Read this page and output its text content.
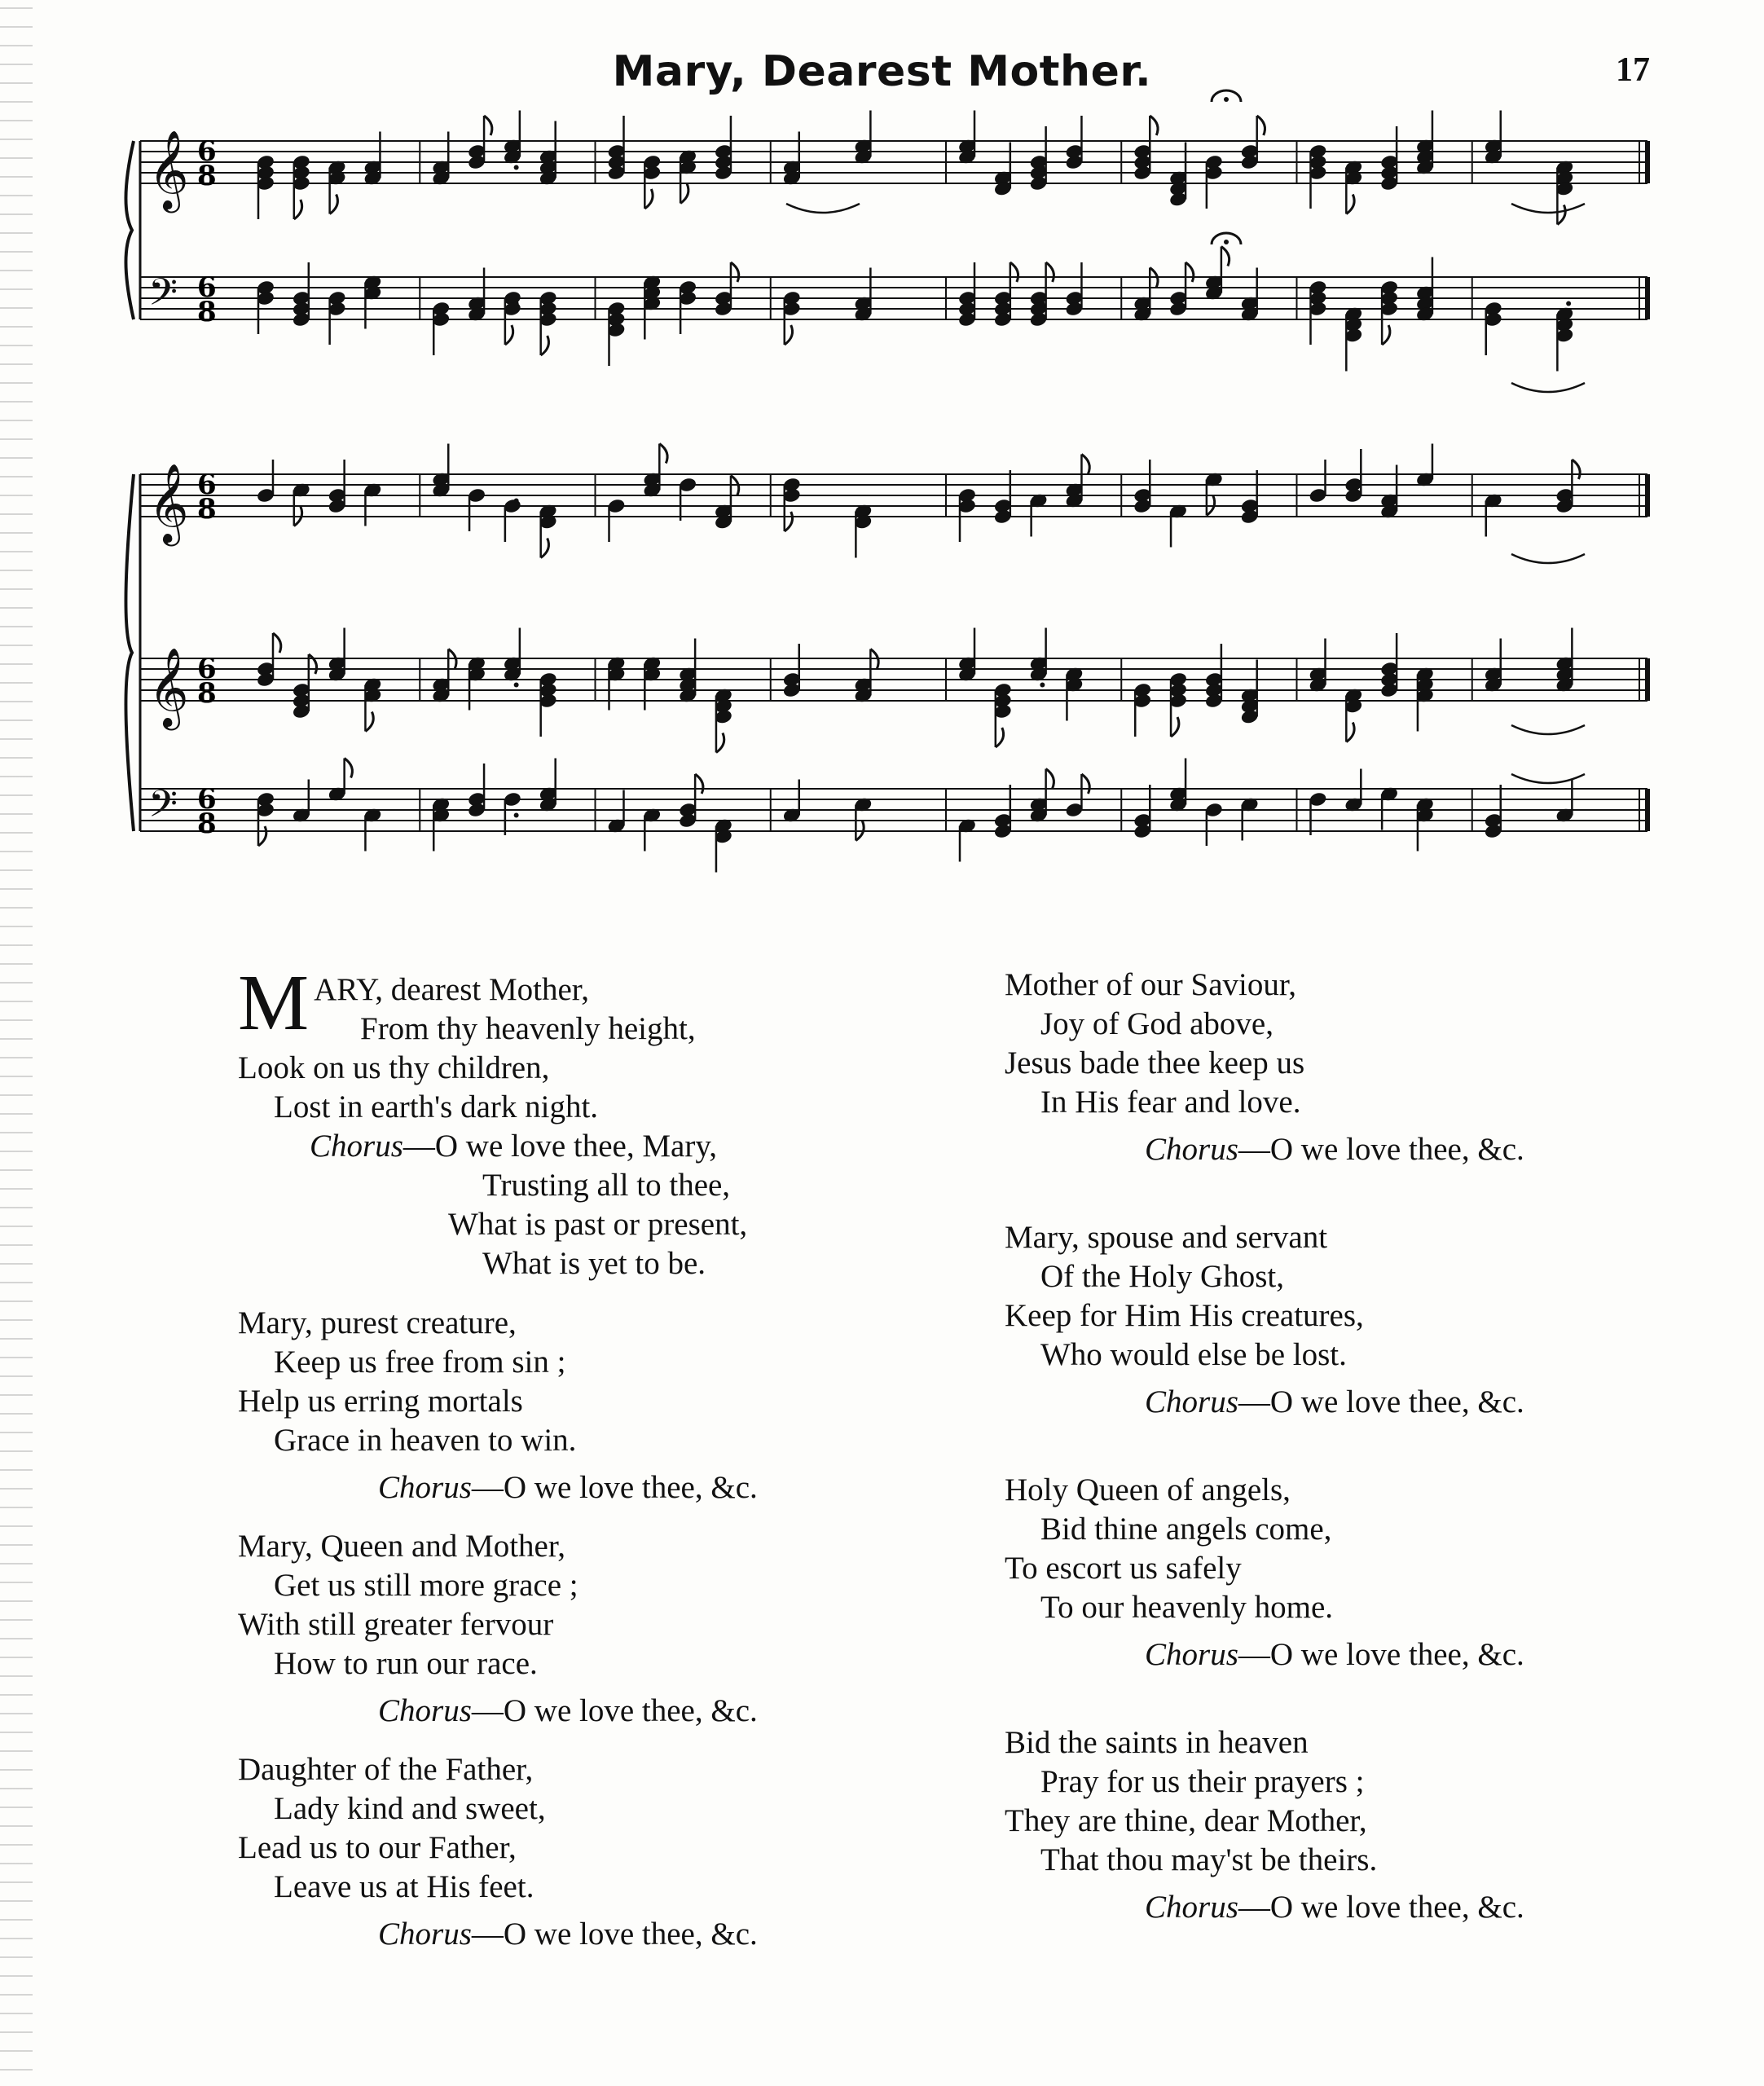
Mary, Dearest Mother.	17
𝄞 6
8
𝄢 6
8
𝄞 6
8
𝄞 6
8
𝄢 6
8
M ARY, dearest Mother,
From thy heavenly height,
Look on us thy children,
Lost in earth's dark night.
Chorus—O we love thee, Mary,
Trusting all to thee,
What is past or present,
What is yet to be.
Mary, purest creature,
Keep us free from sin ;
Help us erring mortals
Grace in heaven to win.
Chorus—O we love thee, &c.
Mary, Queen and Mother,
Get us still more grace ;
With still greater fervour
How to run our race.
Chorus—O we love thee, &c.
Daughter of the Father,
Lady kind and sweet,
Lead us to our Father,
Leave us at His feet.
Chorus—O we love thee, &c.
Mother of our Saviour,
Joy of God above,
Jesus bade thee keep us
In His fear and love.
Chorus—O we love thee, &c.
Mary, spouse and servant
Of the Holy Ghost,
Keep for Him His creatures,
Who would else be lost.
Chorus—O we love thee, &c.
Holy Queen of angels,
Bid thine angels come,
To escort us safely
To our heavenly home.
Chorus—O we love thee, &c.
Bid the saints in heaven
Pray for us their prayers ;
They are thine, dear Mother,
That thou may'st be theirs.
Chorus—O we love thee, &c.
